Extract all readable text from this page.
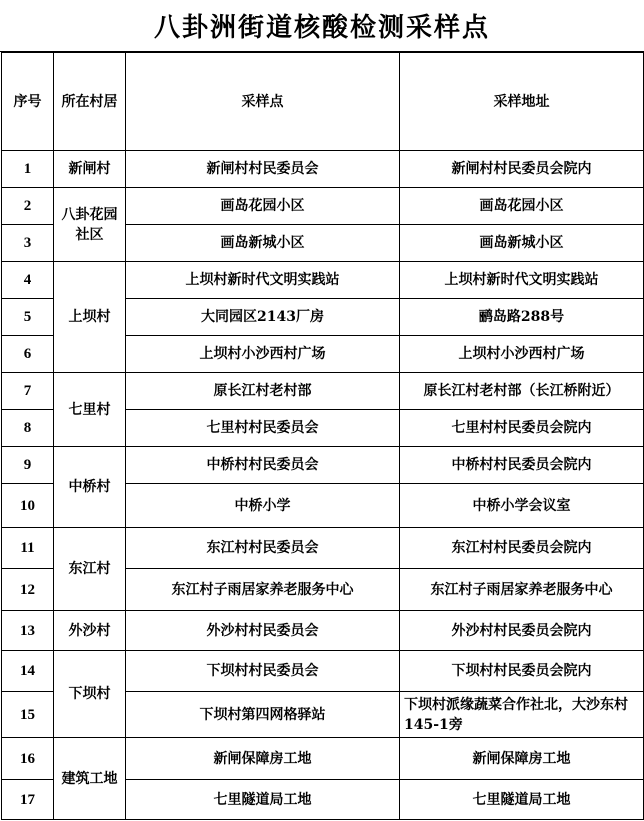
八卦洲街道核酸检测采样点
序号	所在村居	采样点	采样地址
1	新闸村	新闸村村民委员会	新闸村村民委员会院内
2	八卦花园社区	画岛花园小区	画岛花园小区
3		画岛新城小区	画岛新城小区
4	上坝村	上坝村新时代文明实践站	上坝村新时代文明实践站
5		大同园区2143厂房	鹂岛路288号
6		上坝村小沙西村广场	上坝村小沙西村广场
7	七里村	原长江村老村部	原长江村老村部（长江桥附近）
8		七里村村民委员会	七里村村民委员会院内
9	中桥村	中桥村村民委员会	中桥村村民委员会院内
10		中桥小学	中桥小学会议室
11	东江村	东江村村民委员会	东江村村民委员会院内
12		东江村子雨居家养老服务中心	东江村子雨居家养老服务中心
13	外沙村	外沙村村民委员会	外沙村村民委员会院内
14	下坝村	下坝村村民委员会	下坝村村民委员会院内
15		下坝村第四网格驿站	下坝村派缘蔬菜合作社北，大沙东村145-1旁
16	建筑工地	新闸保障房工地	新闸保障房工地
17		七里隧道局工地	七里隧道局工地
